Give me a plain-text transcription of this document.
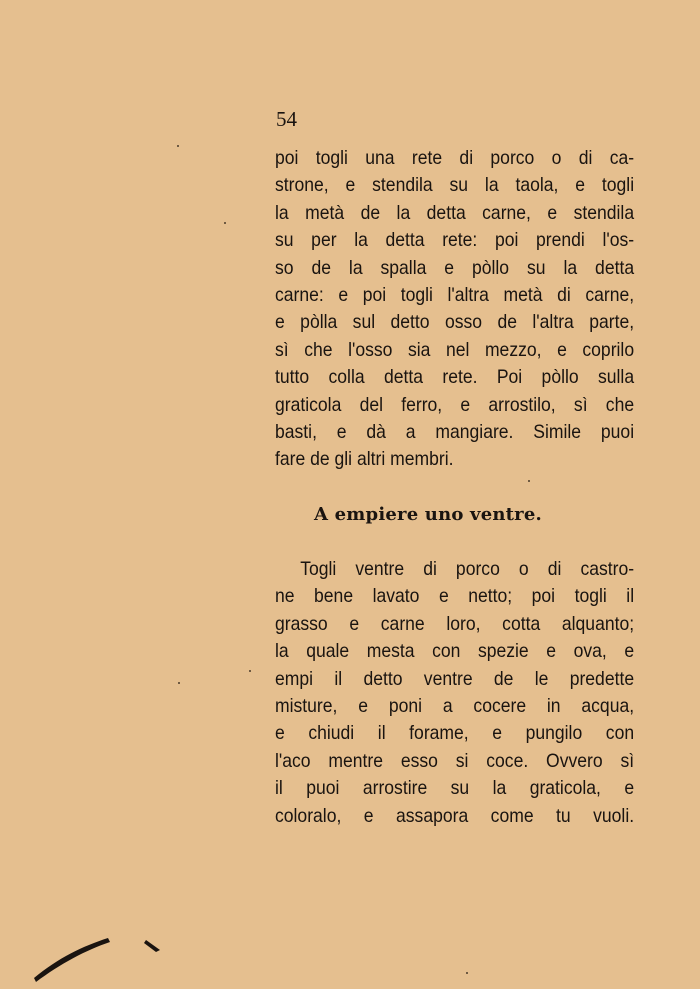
54
poi togli una rete di porco o di ca-
strone, e stendila su la taola, e togli
la metà de la detta carne, e stendila
su per la detta rete: poi prendi l'os-
so de la spalla e pòllo su la detta
carne: e poi togli l'altra metà di carne,
e pòlla sul detto osso de l'altra parte,
sì che l'osso sia nel mezzo, e coprilo
tutto colla detta rete. Poi pòllo sulla
graticola del ferro, e arrostilo, sì che
basti, e dà a mangiare. Simile puoi
fare de gli altri membri.
A empiere uno ventre.
Togli ventre di porco o di castro-
ne bene lavato e netto; poi togli il
grasso e carne loro, cotta alquanto;
la quale mesta con spezie e ova, e
empi il detto ventre de le predette
misture, e poni a cocere in acqua,
e chiudi il forame, e pungilo con
l'aco mentre esso si coce. Ovvero sì
il puoi arrostire su la graticola, e
coloralo, e assapora come tu vuoli.
